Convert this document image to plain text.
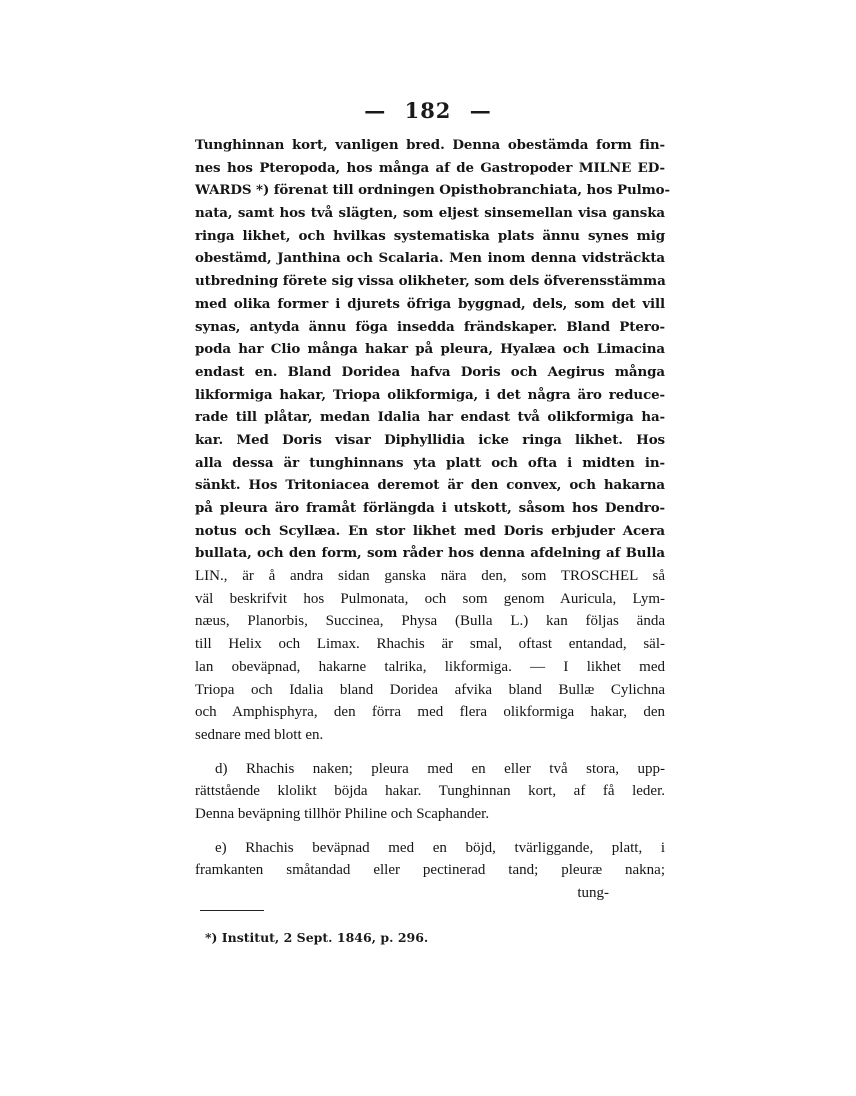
— 182 —
Tunghinnan kort, vanligen bred. Denna obestämda form fin-
nes hos Pteropoda, hos många af de Gastropoder MILNE ED-
WARDS *) förenat till ordningen Opisthobranchiata, hos Pulmo-
nata, samt hos två slägten, som eljest sinsemellan visa ganska
ringa likhet, och hvilkas systematiska plats ännu synes mig
obestämd, Janthina och Scalaria. Men inom denna vidsträckta
utbredning förete sig vissa olikheter, som dels öfverensstämma
med olika former i djurets öfriga byggnad, dels, som det vill
synas, antyda ännu föga insedda frändskaper. Bland Ptero-
poda har Clio många hakar på pleura, Hyalæa och Limacina
endast en. Bland Doridea hafva Doris och Aegirus många
likformiga hakar, Triopa olikformiga, i det några äro reduce-
rade till plåtar, medan Idalia har endast två olikformiga ha-
kar. Med Doris visar Diphyllidia icke ringa likhet. Hos
alla dessa är tunghinnans yta platt och ofta i midten in-
sänkt. Hos Tritoniacea deremot är den convex, och hakarna
på pleura äro framåt förlängda i utskott, såsom hos Dendro-
notus och Scyllæa. En stor likhet med Doris erbjuder Acera
bullata, och den form, som råder hos denna afdelning af Bulla
LIN., är å andra sidan ganska nära den, som TROSCHEL så
väl beskrifvit hos Pulmonata, och som genom Auricula, Lym-
næus, Planorbis, Succinea, Physa (Bulla L.) kan följas ända
till Helix och Limax. Rhachis är smal, oftast entandad, säl-
lan obeväpnad, hakarne talrika, likformiga. — I likhet med
Triopa och Idalia bland Doridea afvika bland Bullæ Cylichna
och Amphisphyra, den förra med flera olikformiga hakar, den
sednare med blott en.
d) Rhachis naken; pleura med en eller två stora, upp-
rättstående klolikt böjda hakar. Tunghinnan kort, af få leder.
Denna beväpning tillhör Philine och Scaphander.
e) Rhachis beväpnad med en böjd, tvärliggande, platt, i
framkanten småtandad eller pectinerad tand; pleuræ nakna;
tung-
*) Institut, 2 Sept. 1846, p. 296.
